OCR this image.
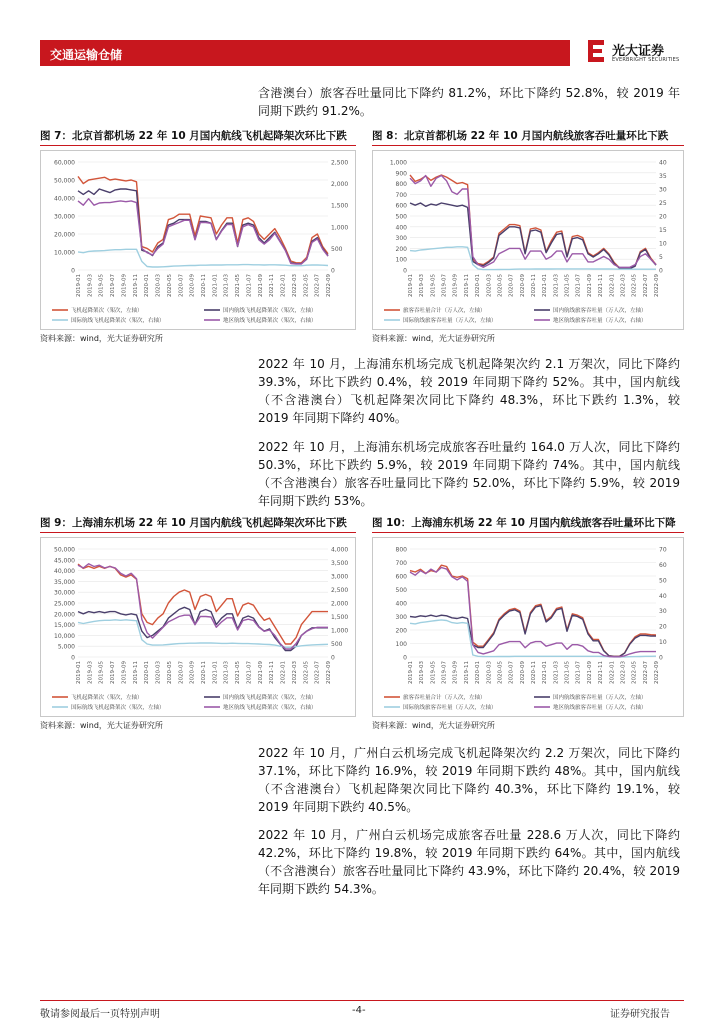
交通运输仓储	光大证券
EVERBRIGHT SECURITIES
含港澳台）旅客吞吐量同比下降约 81.2%，环比下降约 52.8%，较 2019 年同期下跌约 91.2%。
图 7：北京首都机场 22 年 10 月国内航线飞机起降架次环比下跌 图 8：北京首都机场 22 年 10 月国内航线旅客吞吐量环比下跌
0
10,000
20,000
30,000
40,000
50,000
60,000
0
500
1,000
1,500
2,000
2,500
2019-01 2019-03 2019-05 2019-07 2019-09 2019-11 2020-01 2020-03 2020-05 2020-07 2020-09 2020-11 2021-01 2021-03 2021-05 2021-07 2021-09 2021-11 2022-01 2022-03 2022-05 2022-07 2022-09
飞机起降架次（架次，左轴）	国内航线飞机起降架次（架次，左轴）
国际航线飞机起降架次（架次，右轴）	地区航线飞机起降架次（架次，右轴）
0
100
200
300
400
500
600
700
800
900
1,000
0
5
10
15
20
25
30
35
40
2019-01 2019-03 2019-05 2019-07 2019-09 2019-11 2020-01 2020-03 2020-05 2020-07 2020-09 2020-11 2021-01 2021-03 2021-05 2021-07 2021-09 2021-11 2022-01 2022-03 2022-05 2022-07 2022-09
旅客吞吐量合计（万人次，左轴）	国内航线旅客吞吐量（万人次，左轴）
国际航线旅客吞吐量（万人次，左轴）	地区航线旅客吞吐量（万人次，右轴）
资料来源：wind，光大证券研究所	资料来源：wind，光大证券研究所
2022 年 10 月，上海浦东机场完成飞机起降架次约 2.1 万架次，同比下降约 39.3%，环比下跌约 0.4%，较 2019 年同期下降约 52%。其中，国内航线（不含港澳台）飞机起降架次同比下降约 48.3%，环比下跌约 1.3%，较 2019 年同期下降约 40%。
2022 年 10 月，上海浦东机场完成旅客吞吐量约 164.0 万人次，同比下降约 50.3%，环比下跌约 5.9%，较 2019 年同期下降约 74%。其中，国内航线（不含港澳台）旅客吞吐量同比下降约 52.0%，环比下降约 5.9%，较 2019 年同期下跌约 53%。
图 9：上海浦东机场 22 年 10 月国内航线飞机起降架次环比下跌 图 10：上海浦东机场 22 年 10 月国内航线旅客吞吐量环比下降
0
5,000
10,000
15,000
20,000
25,000
30,000
35,000
40,000
45,000
50,000
0
500
1,000
1,500
2,000
2,500
3,000
3,500
4,000
2019-01 2019-03 2019-05 2019-07 2019-09 2019-11 2020-01 2020-03 2020-05 2020-07 2020-09 2020-11 2021-01 2021-03 2021-05 2021-07 2021-09 2021-11 2022-01 2022-03 2022-05 2022-07 2022-09
飞机起降架次（架次，左轴）	国内航线飞机起降架次（架次，左轴）
国际航线飞机起降架次（架次，左轴）	地区航线飞机起降架次（架次，右轴）
0
100
200
300
400
500
600
700
800
0
10
20
30
40
50
60
70
2019-01 2019-03 2019-05 2019-07 2019-09 2019-11 2020-01 2020-03 2020-05 2020-07 2020-09 2020-11 2021-01 2021-03 2021-05 2021-07 2021-09 2021-11 2022-01 2022-03 2022-05 2022-07 2022-09
旅客吞吐量合计（万人次，左轴）	国内航线旅客吞吐量（万人次，左轴）
国际航线旅客吞吐量（万人次，左轴）	地区航线旅客吞吐量（万人次，右轴）
资料来源：wind，光大证券研究所	资料来源：wind，光大证券研究所
2022 年 10 月，广州白云机场完成飞机起降架次约 2.2 万架次，同比下降约 37.1%，环比下降约 16.9%，较 2019 年同期下跌约 48%。其中，国内航线（不含港澳台）飞机起降架次同比下降约 40.3%，环比下降约 19.1%，较 2019 年同期下跌约 40.5%。
2022 年 10 月，广州白云机场完成旅客吞吐量 228.6 万人次，同比下降约 42.2%，环比下降约 19.8%，较 2019 年同期下跌约 64%。其中，国内航线（不含港澳台）旅客吞吐量同比下降约 43.9%，环比下降约 20.4%，较 2019 年同期下跌约 54.3%。
敬请参阅最后一页特别声明	-4-	证券研究报告
